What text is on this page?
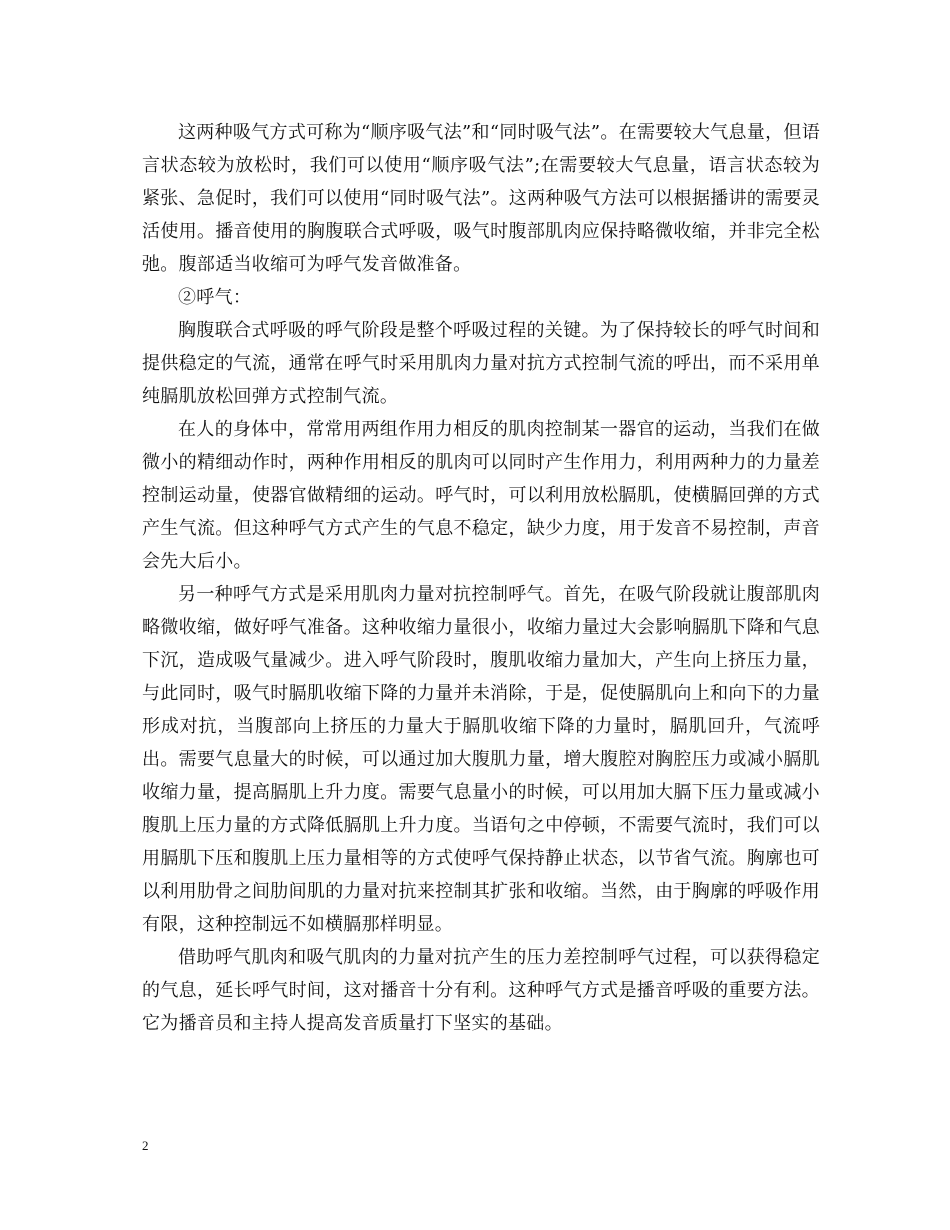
这两种吸气方式可称为“顺序吸气法”和“同时吸气法”。在需要较大气息量，但语言状态较为放松时，我们可以使用“顺序吸气法”;在需要较大气息量，语言状态较为紧张、急促时，我们可以使用“同时吸气法”。这两种吸气方法可以根据播讲的需要灵活使用。播音使用的胸腹联合式呼吸，吸气时腹部肌肉应保持略微收缩，并非完全松弛。腹部适当收缩可为呼气发音做准备。

②呼气：

胸腹联合式呼吸的呼气阶段是整个呼吸过程的关键。为了保持较长的呼气时间和提供稳定的气流，通常在呼气时采用肌肉力量对抗方式控制气流的呼出，而不采用单纯膈肌放松回弹方式控制气流。

在人的身体中，常常用两组作用力相反的肌肉控制某一器官的运动，当我们在做微小的精细动作时，两种作用相反的肌肉可以同时产生作用力，利用两种力的力量差控制运动量，使器官做精细的运动。呼气时，可以利用放松膈肌，使横膈回弹的方式产生气流。但这种呼气方式产生的气息不稳定，缺少力度，用于发音不易控制，声音会先大后小。

另一种呼气方式是采用肌肉力量对抗控制呼气。首先，在吸气阶段就让腹部肌肉略微收缩，做好呼气准备。这种收缩力量很小，收缩力量过大会影响膈肌下降和气息下沉，造成吸气量减少。进入呼气阶段时，腹肌收缩力量加大，产生向上挤压力量，与此同时，吸气时膈肌收缩下降的力量并未消除，于是，促使膈肌向上和向下的力量形成对抗，当腹部向上挤压的力量大于膈肌收缩下降的力量时，膈肌回升，气流呼出。需要气息量大的时候，可以通过加大腹肌力量，增大腹腔对胸腔压力或减小膈肌收缩力量，提高膈肌上升力度。需要气息量小的时候，可以用加大膈下压力量或减小腹肌上压力量的方式降低膈肌上升力度。当语句之中停顿，不需要气流时，我们可以用膈肌下压和腹肌上压力量相等的方式使呼气保持静止状态，以节省气流。胸廓也可以利用肋骨之间肋间肌的力量对抗来控制其扩张和收缩。当然，由于胸廓的呼吸作用有限，这种控制远不如横膈那样明显。

借助呼气肌肉和吸气肌肉的力量对抗产生的压力差控制呼气过程，可以获得稳定的气息，延长呼气时间，这对播音十分有利。这种呼气方式是播音呼吸的重要方法。它为播音员和主持人提高发音质量打下坚实的基础。

2
